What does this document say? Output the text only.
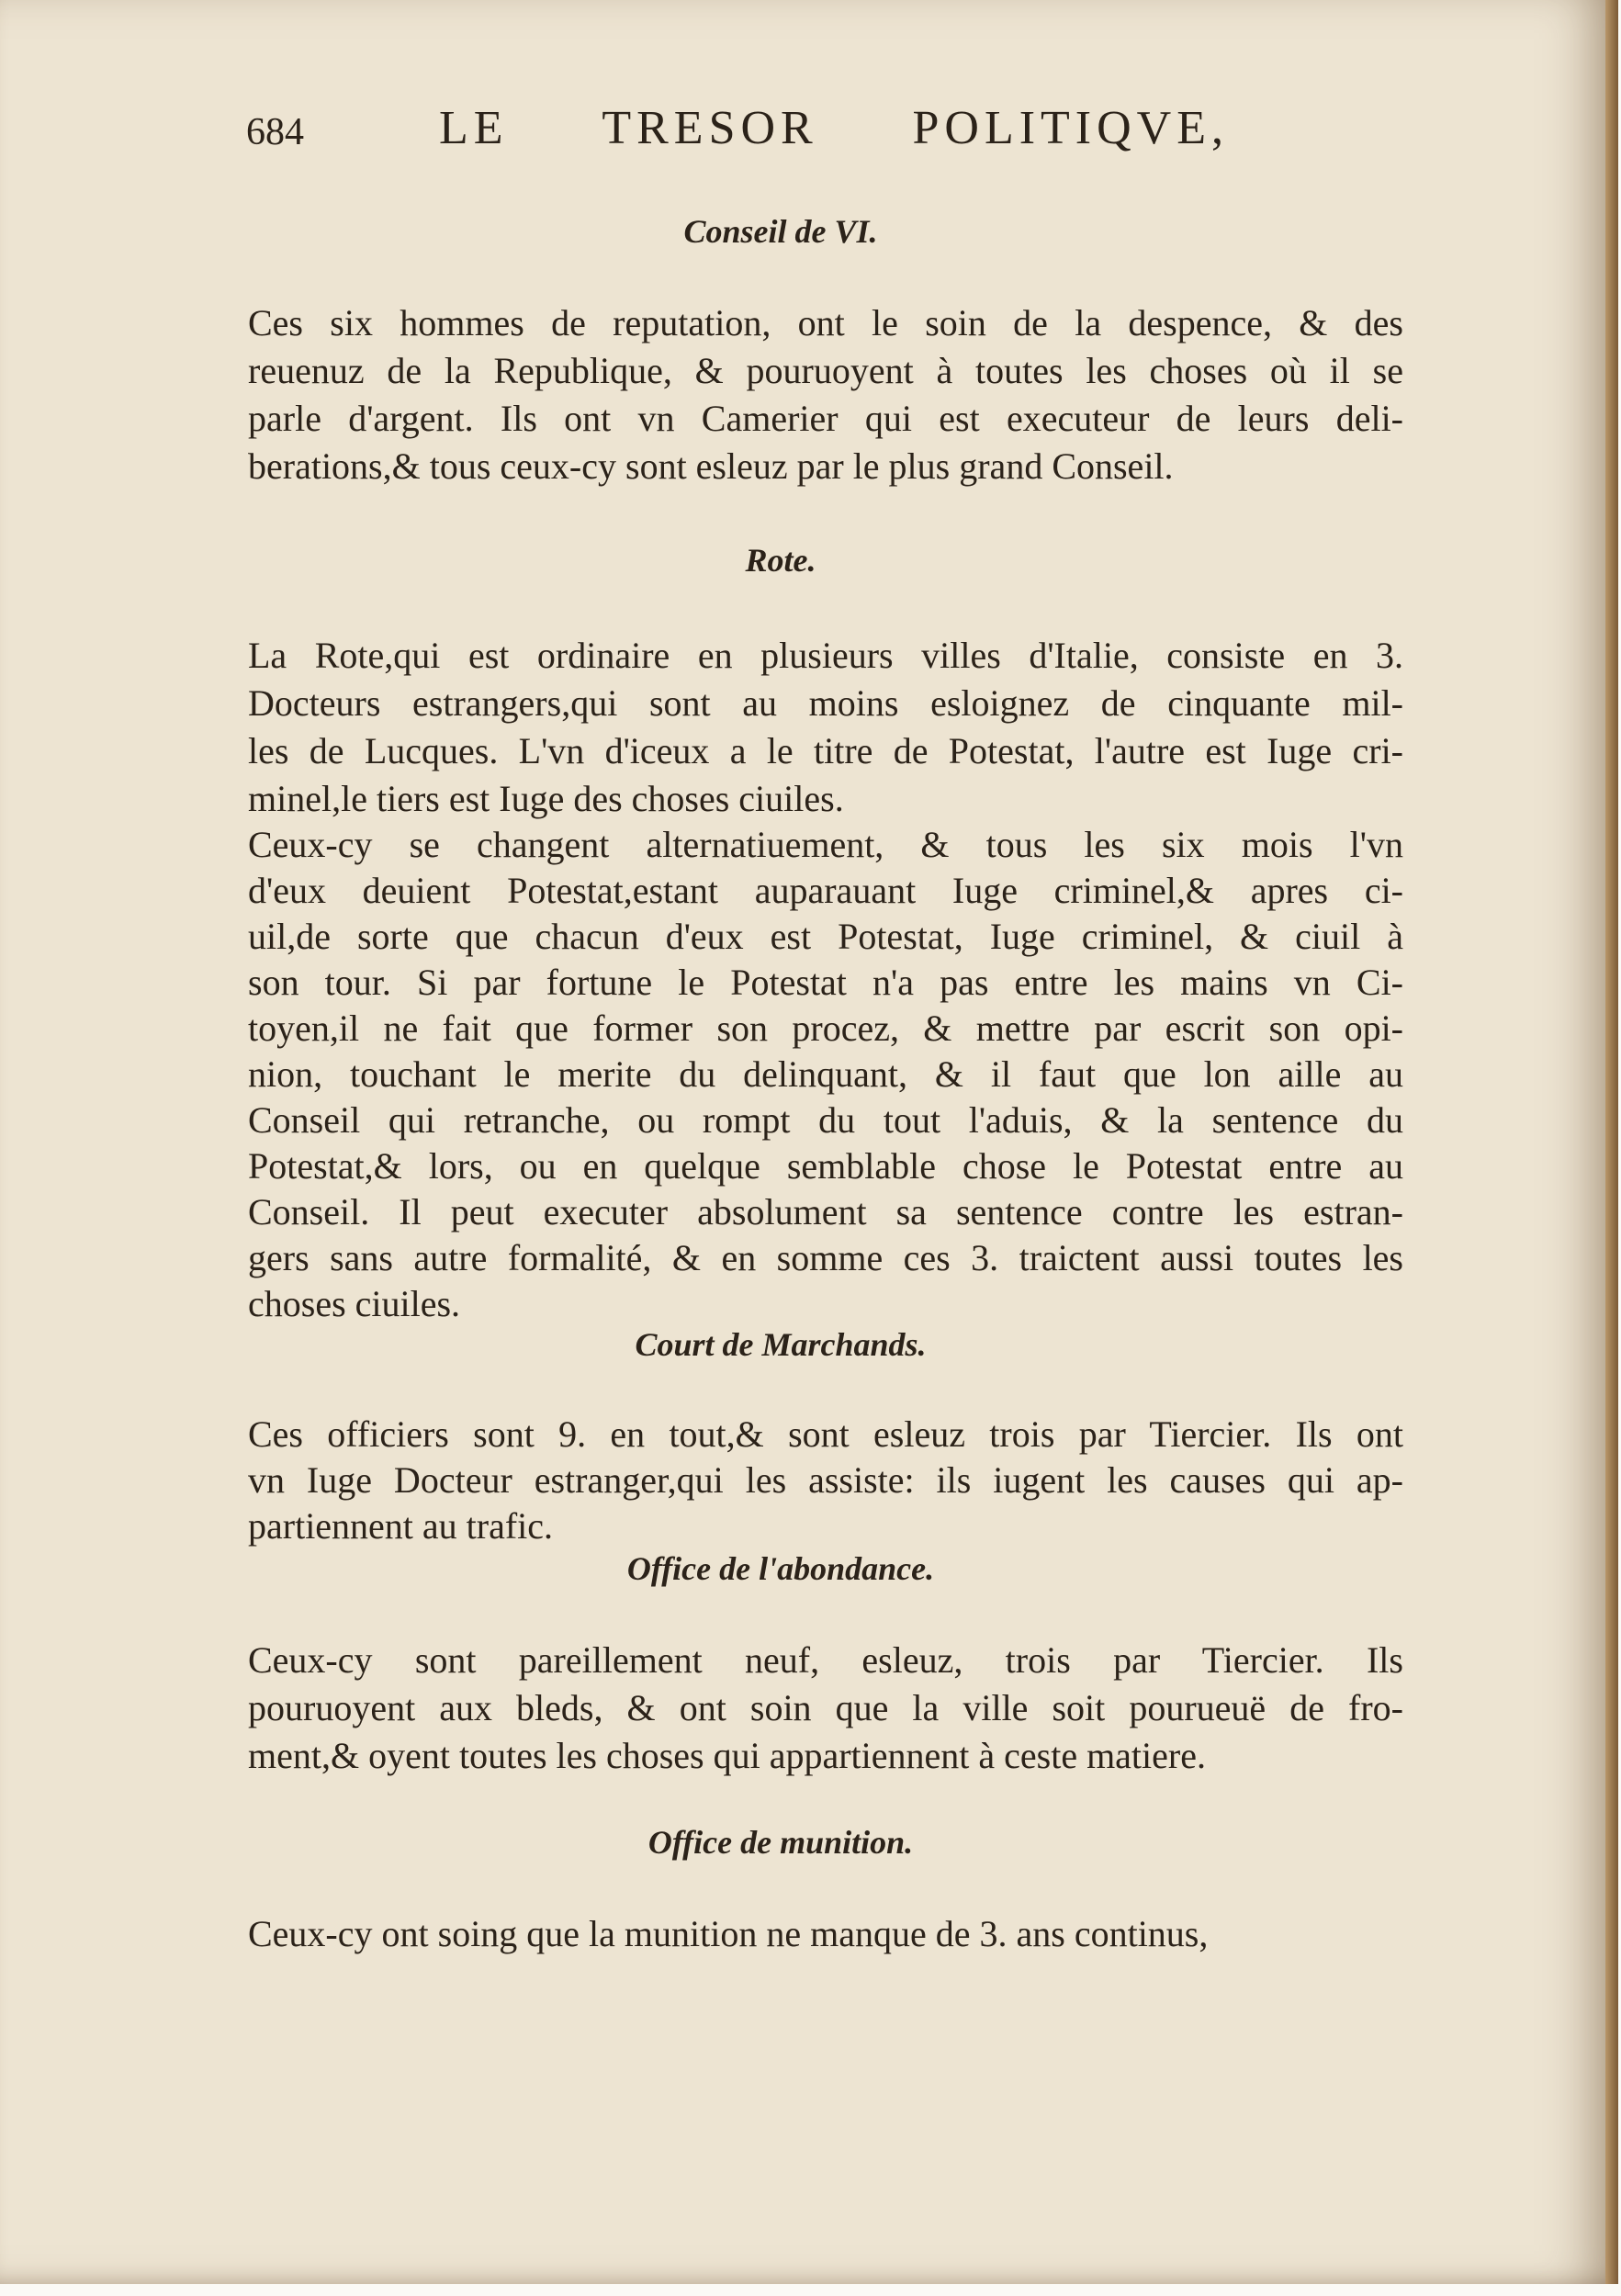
684	LE TRESOR POLITIQVE,
Conseil de VI.
Ces six hommes de reputation, ont le soin de la despence, & des
reuenuz de la Republique, & pouruoyent à toutes les choses où il se
parle d'argent. Ils ont vn Camerier qui est executeur de leurs deli-
berations,& tous ceux-cy sont esleuz par le plus grand Conseil.
Rote.
La Rote,qui est ordinaire en plusieurs villes d'Italie, consiste en 3.
Docteurs estrangers,qui sont au moins esloignez de cinquante mil-
les de Lucques. L'vn d'iceux a le titre de Potestat, l'autre est Iuge cri-
minel,le tiers est Iuge des choses ciuiles.
Ceux-cy se changent alternatiuement, & tous les six mois l'vn
d'eux deuient Potestat,estant auparauant Iuge criminel,& apres ci-
uil,de sorte que chacun d'eux est Potestat, Iuge criminel, & ciuil à
son tour. Si par fortune le Potestat n'a pas entre les mains vn Ci-
toyen,il ne fait que former son procez, & mettre par escrit son opi-
nion, touchant le merite du delinquant, & il faut que lon aille au
Conseil qui retranche, ou rompt du tout l'aduis, & la sentence du
Potestat,& lors, ou en quelque semblable chose le Potestat entre au
Conseil. Il peut executer absolument sa sentence contre les estran-
gers sans autre formalité, & en somme ces 3. traictent aussi toutes les
choses ciuiles.
Court de Marchands.
Ces officiers sont 9. en tout,& sont esleuz trois par Tiercier. Ils ont
vn Iuge Docteur estranger,qui les assiste: ils iugent les causes qui ap-
partiennent au trafic.
Office de l'abondance.
Ceux-cy sont pareillement neuf, esleuz, trois par Tiercier. Ils
pouruoyent aux bleds, & ont soin que la ville soit pourueuë de fro-
ment,& oyent toutes les choses qui appartiennent à ceste matiere.
Office de munition.
Ceux-cy ont soing que la munition ne manque de 3. ans continus,
